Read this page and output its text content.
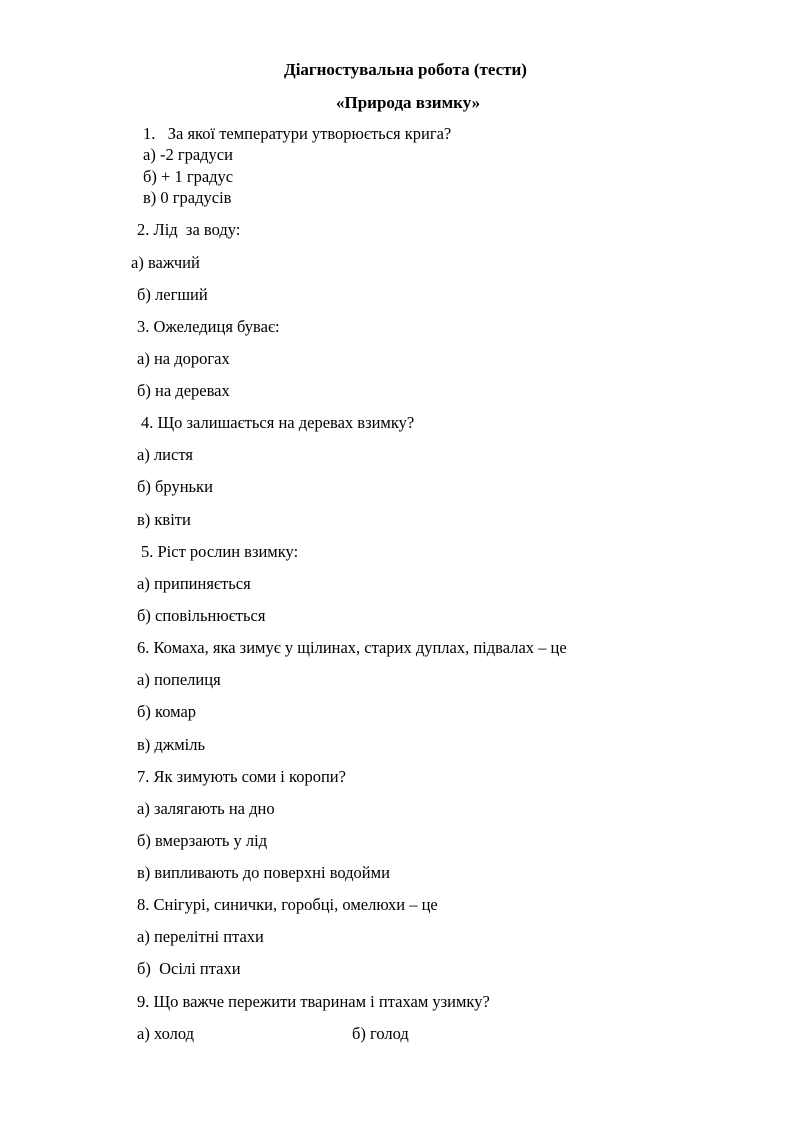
Діагностувальна робота (тести)
«Природа взимку»
1.   За якої температури утворюється крига?
а) -2 градуси
б) + 1 градус
в) 0 градусів
2. Лід  за воду:
а) важчий
б) легший
3. Ожеледиця буває:
а) на дорогах
б) на деревах
4. Що залишається на деревах взимку?
а) листя
б) бруньки
в) квіти
5. Ріст рослин взимку:
а) припиняється
б) сповільнюється
6. Комаха, яка зимує у щілинах, старих дуплах, підвалах – це
а) попелиця
б) комар
в) джміль
7. Як зимують соми і коропи?
а) залягають на дно
б) вмерзають у лід
в) випливають до поверхні водойми
8. Снігурі, синички, горобці, омелюхи – це
а) перелітні птахи
б)  Осілі птахи
9. Що важче пережити тваринам і птахам узимку?
а) холод	б) голод
